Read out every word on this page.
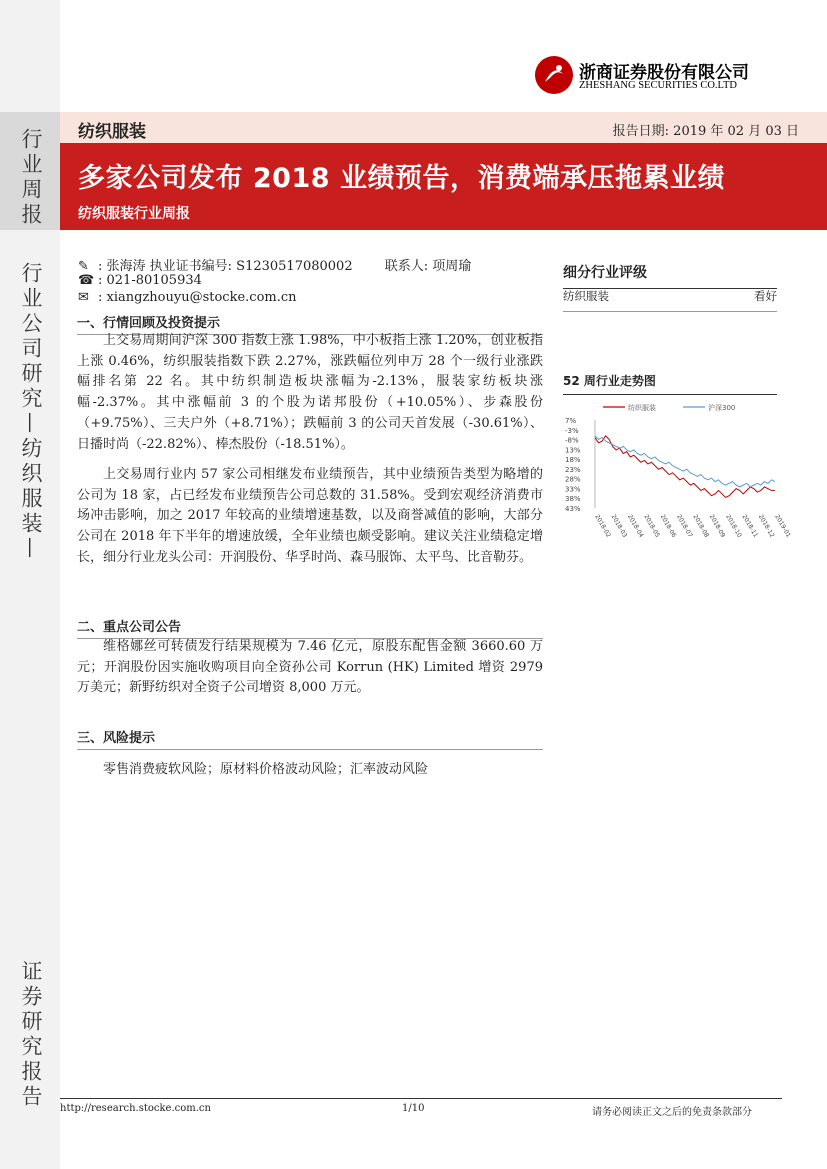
行业周报
行业公司研究—纺织服装—
证券研究报告
浙商证券股份有限公司
ZHESHANG SECURITIES CO.LTD
纺织服装	报告日期: 2019 年 02 月 03 日
多家公司发布 2018 业绩预告，消费端承压拖累业绩
纺织服装行业周报
✎ : 张海涛 执业证书编号: S1230517080002 联系人: 项周瑜
☎ : 021-80105934
✉ : xiangzhouyu@stocke.com.cn
一、行情回顾及投资提示
上交易周期间沪深 300 指数上涨 1.98%，中小板指上涨 1.20%，创业板指上涨 0.46%，纺织服装指数下跌 2.27%，涨跌幅位列申万 28 个一级行业涨跌幅排名第 22 名。其中纺织制造板块涨幅为-2.13%，服装家纺板块涨幅-2.37%。其中涨幅前 3 的个股为诺邦股份（+10.05%）、步森股份（+9.75%）、三夫户外（+8.71%）；跌幅前 3 的公司天首发展（-30.61%）、日播时尚（-22.82%）、棒杰股份（-18.51%）。
上交易周行业内 57 家公司相继发布业绩预告，其中业绩预告类型为略增的公司为 18 家，占已经发布业绩预告公司总数的 31.58%。受到宏观经济消费市场冲击影响，加之 2017 年较高的业绩增速基数，以及商誉减值的影响，大部分公司在 2018 年下半年的增速放缓，全年业绩也颇受影响。建议关注业绩稳定增长，细分行业龙头公司：开润股份、华孚时尚、森马服饰、太平鸟、比音勒芬。
二、重点公司公告
维格娜丝可转债发行结果规模为 7.46 亿元，原股东配售金额 3660.60 万元；开润股份因实施收购项目向全资孙公司 Korrun (HK) Limited 增资 2979 万美元；新野纺织对全资子公司增资 8,000 万元。
三、风险提示
零售消费疲软风险；原材料价格波动风险；汇率波动风险
细分行业评级
纺织服装	看好
52 周行业走势图
纺织服装	沪深300
7%
-3%
-8%
13%
18%
23%
28%
33%
38%
43%
2018-02
2018-03
2018-04
2018-05
2018-06
2018-07
2018-08
2018-09
2018-10
2018-11
2018-12
2019-01
http://research.stocke.com.cn	1/10	请务必阅读正文之后的免责条款部分
